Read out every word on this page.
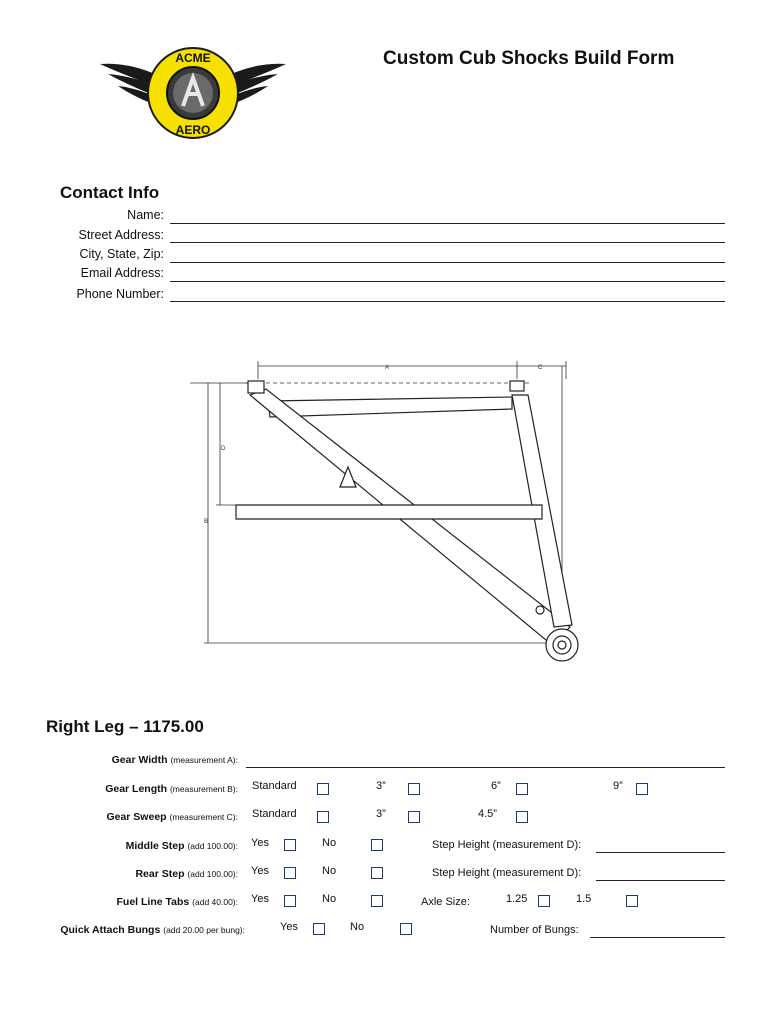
ACME
AERO
Custom Cub Shocks Build Form
Contact Info
Name:
Street Address:
City, State, Zip:
Email Address:
Phone Number:
A	C
D
B
Right Leg – 1175.00
Gear Width (measurement A):
Gear Length (measurement B): Standard	3”	6”	9”
Gear Sweep (measurement C): Standard	3”	4.5”
Middle Step (add 100.00): Yes	No	Step Height (measurement D):
Rear Step (add 100.00): Yes	No	Step Height (measurement D):
Fuel Line Tabs (add 40.00): Yes	No	Axle Size:	1.25	1.5
Quick Attach Bungs (add 20.00 per bung):	Yes	No	Number of Bungs:
